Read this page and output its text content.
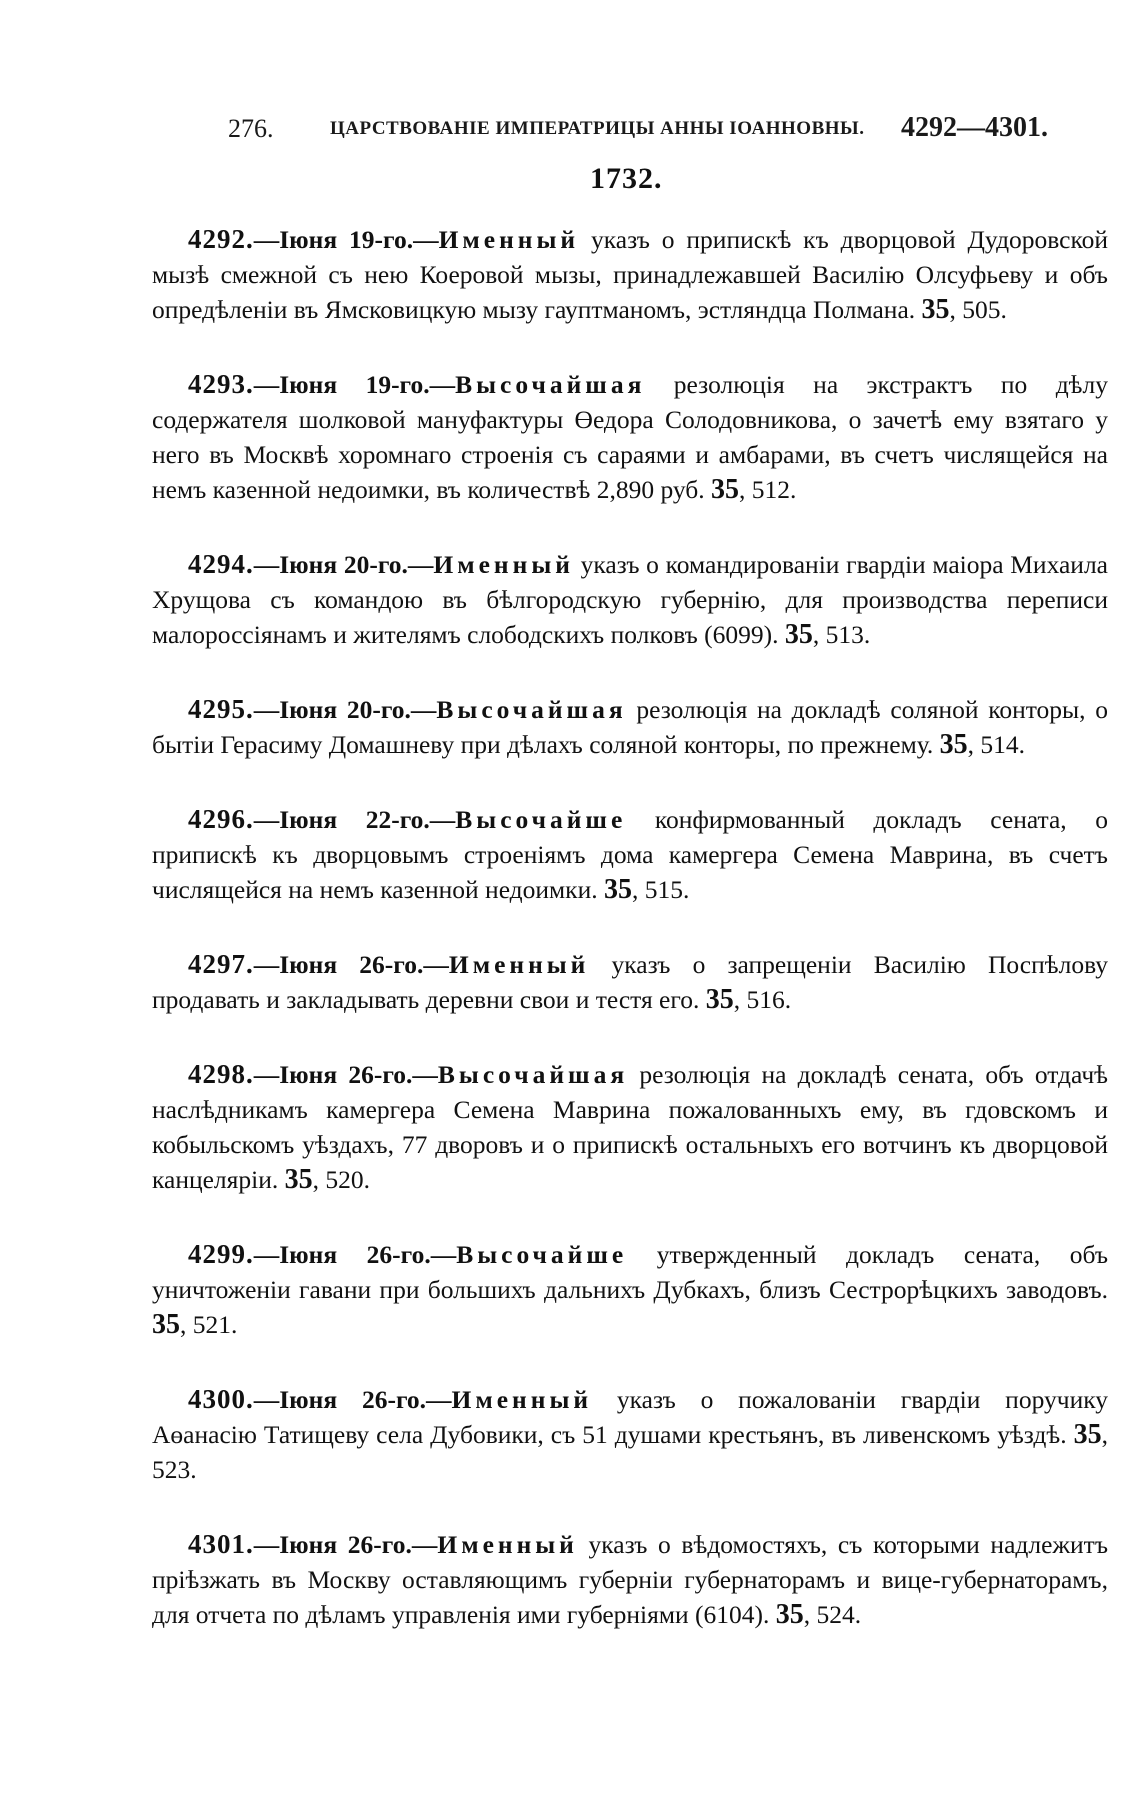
276.	ЦАРСТВОВАНІЕ ИМПЕРАТРИЦЫ АННЫ ІОАННОВНЫ. 4292—4301.
1732.

4292.—Іюня 19-го.—Именный указъ о припискѣ къ дворцовой Дудоровской мызѣ смежной съ нею Коеровой мызы, принадлежавшей Василію Олсуфьеву и объ опредѣленіи въ Ямсковицкую мызу гауптманомъ, эстляндца Полмана. 35, 505.

4293.—Іюня 19-го.—Высочайшая резолюція на экстрактъ по дѣлу содержателя шолковой мануфактуры Өедора Солодовникова, о зачетѣ ему взятаго у него въ Москвѣ хоромнаго строенія съ сараями и амбарами, въ счетъ числящейся на немъ казенной недоимки, въ количествѣ 2,890 руб. 35, 512.

4294.—Іюня 20-го.—Именный указъ о командированіи гвардіи маіора Михаила Хрущова съ командою въ бѣлгородскую губернію, для производства переписи малороссіянамъ и жителямъ слободскихъ полковъ (6099). 35, 513.

4295.—Іюня 20-го.—Высочайшая резолюція на докладѣ соляной конторы, о бытіи Герасиму Домашневу при дѣлахъ соляной конторы, по прежнему. 35, 514.

4296.—Іюня 22-го.—Высочайше конфирмованный докладъ сената, о припискѣ къ дворцовымъ строеніямъ дома камергера Семена Маврина, въ счетъ числящейся на немъ казенной недоимки. 35, 515.

4297.—Іюня 26-го.—Именный указъ о запрещеніи Василію Поспѣлову продавать и закладывать деревни свои и тестя его. 35, 516.

4298.—Іюня 26-го.—Высочайшая резолюція на докладѣ сената, объ отдачѣ наслѣдникамъ камергера Семена Маврина пожалованныхъ ему, въ гдовскомъ и кобыльскомъ уѣздахъ, 77 дворовъ и о припискѣ остальныхъ его вотчинъ къ дворцовой канцеляріи. 35, 520.

4299.—Іюня 26-го.—Высочайше утвержденный докладъ сената, объ уничтоженіи гавани при большихъ дальнихъ Дубкахъ, близъ Сестрорѣцкихъ заводовъ. 35, 521.

4300.—Іюня 26-го.—Именный указъ о пожалованіи гвардіи поручику Аөанасію Татищеву села Дубовики, съ 51 душами крестьянъ, въ ливенскомъ уѣздѣ. 35, 523.

4301.—Іюня 26-го.—Именный указъ о вѣдомостяхъ, съ которыми надлежитъ пріѣзжать въ Москву оставляющимъ губерніи губернаторамъ и вице-губернаторамъ, для отчета по дѣламъ управленія ими губерніями (6104). 35, 524.
